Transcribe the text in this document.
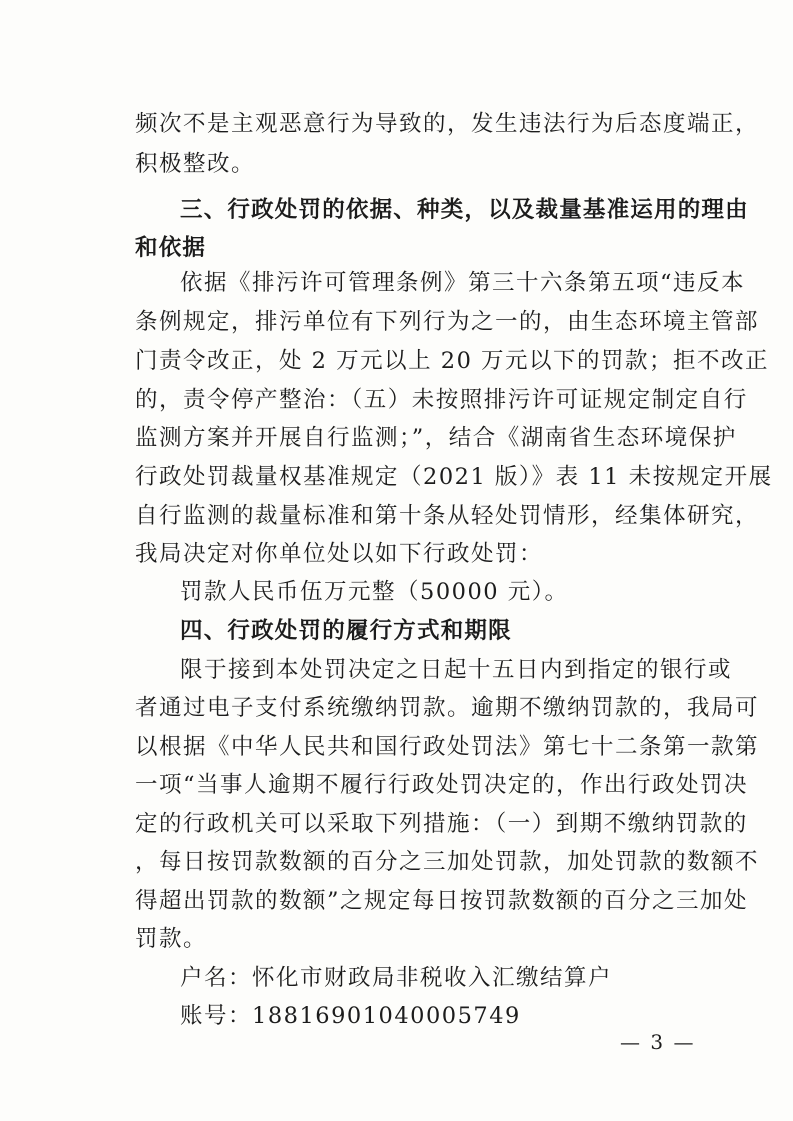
频次不是主观恶意行为导致的，发生违法行为后态度端正，
积极整改。
三、行政处罚的依据、种类，以及裁量基准运用的理由
和依据
依据《排污许可管理条例》第三十六条第五项“违反本
条例规定，排污单位有下列行为之一的，由生态环境主管部
门责令改正，处 2 万元以上 20 万元以下的罚款；拒不改正
的，责令停产整治：（五）未按照排污许可证规定制定自行
监测方案并开展自行监测；”，结合《湖南省生态环境保护
行政处罚裁量权基准规定（2021 版）》表 11 未按规定开展
自行监测的裁量标准和第十条从轻处罚情形，经集体研究，
我局决定对你单位处以如下行政处罚：
罚款人民币伍万元整（50000 元）。
四、行政处罚的履行方式和期限
限于接到本处罚决定之日起十五日内到指定的银行或
者通过电子支付系统缴纳罚款。逾期不缴纳罚款的，我局可
以根据《中华人民共和国行政处罚法》第七十二条第一款第
一项“当事人逾期不履行行政处罚决定的，作出行政处罚决
定的行政机关可以采取下列措施：（一）到期不缴纳罚款的
，每日按罚款数额的百分之三加处罚款，加处罚款的数额不
得超出罚款的数额”之规定每日按罚款数额的百分之三加处
罚款。
户名：怀化市财政局非税收入汇缴结算户
账号：18816901040005749
— 3 —
